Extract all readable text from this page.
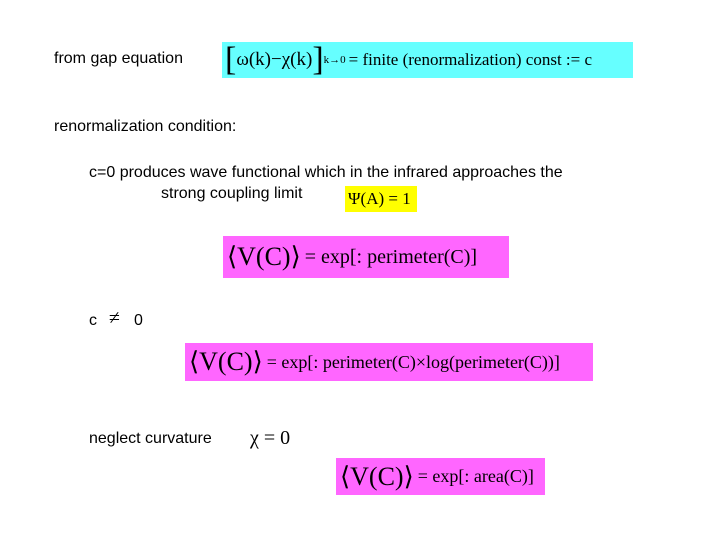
from gap equation
renormalization condition:
c=0 produces wave functional which in the infrared approaches the
strong coupling limit
c ≠ 0
neglect curvature
[ ω(k) − χ(k) ] k→0 = finite (renormalization) const := c
Ψ(A) = 1
⟨V(C)⟩ = exp[: perimeter(C)]
⟨V(C)⟩ = exp[: perimeter(C)×log(perimeter(C))]
χ = 0
⟨V(C)⟩ = exp[: area(C)]
